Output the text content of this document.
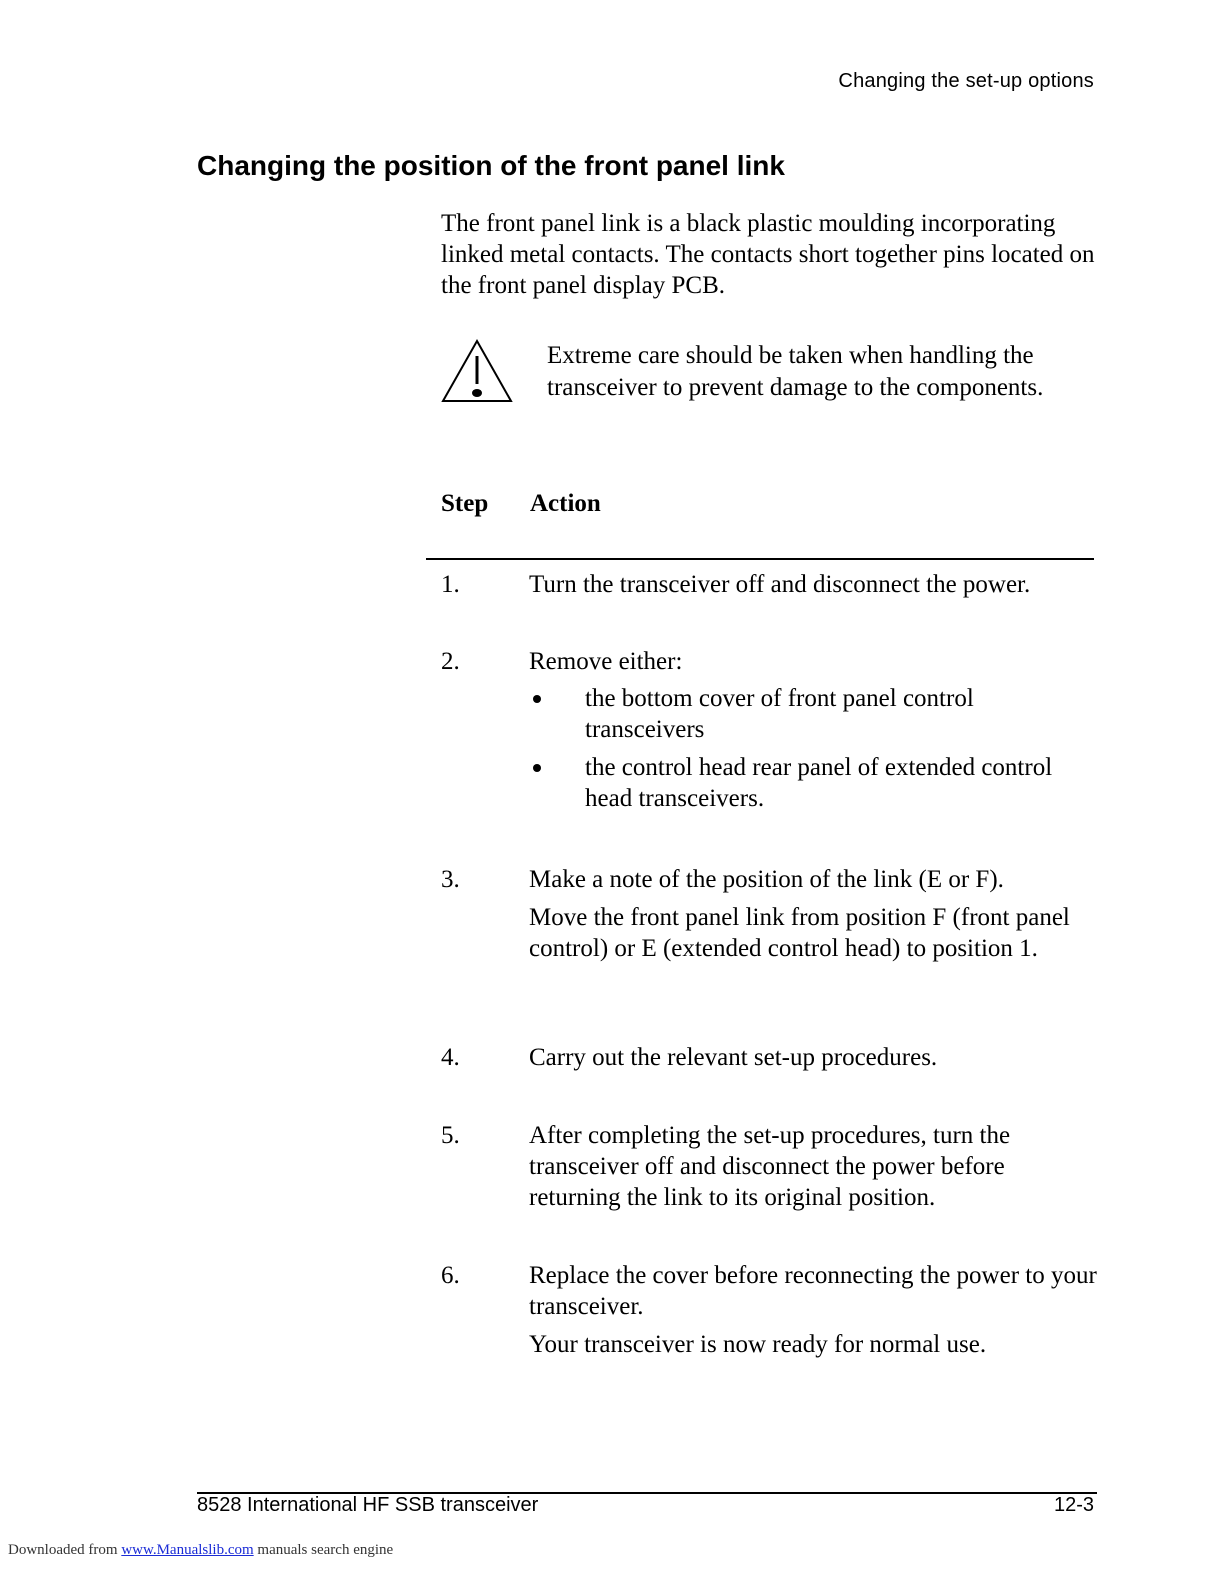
Changing the set-up options
Changing the position of the front panel link

The front panel link is a black plastic moulding incorporating linked metal contacts. The contacts short together pins located on the front panel display PCB.

Extreme care should be taken when handling the transceiver to prevent damage to the components.

Step Action
1.	Turn the transceiver off and disconnect the power.

2.	Remove either:

the bottom cover of front panel control transceivers
the control head rear panel of extended control head transceivers.
3.	Make a note of the position of the link (E or F).

Move the front panel link from position F (front panel control) or E (extended control head) to position 1.

4.	Carry out the relevant set-up procedures.

5.	After completing the set-up procedures, turn the transceiver off and disconnect the power before returning the link to its original position.

6.	Replace the cover before reconnecting the power to your transceiver.

Your transceiver is now ready for normal use.

8528 International HF SSB transceiver	12-3
Downloaded from www.Manualslib.com manuals search engine
